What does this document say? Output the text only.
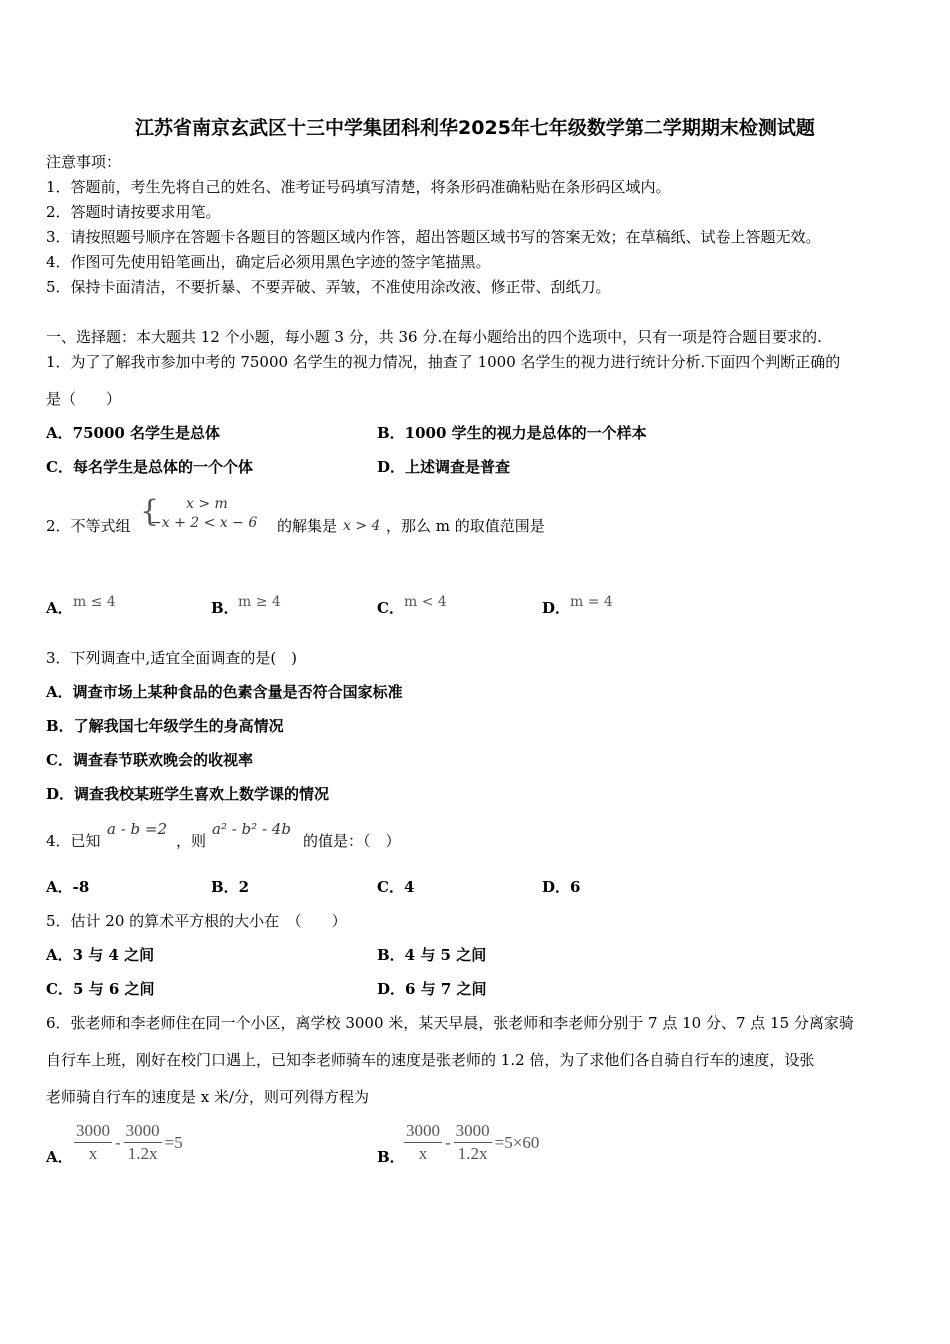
江苏省南京玄武区十三中学集团科利华2025年七年级数学第二学期期末检测试题
注意事项：
1．答题前，考生先将自己的姓名、准考证号码填写清楚，将条形码准确粘贴在条形码区域内。
2．答题时请按要求用笔。
3．请按照题号顺序在答题卡各题目的答题区域内作答，超出答题区域书写的答案无效；在草稿纸、试卷上答题无效。
4．作图可先使用铅笔画出，确定后必须用黑色字迹的签字笔描黑。
5．保持卡面清洁，不要折暴、不要弄破、弄皱，不准使用涂改液、修正带、刮纸刀。
一、选择题：本大题共 12 个小题，每小题 3 分，共 36 分.在每小题给出的四个选项中，只有一项是符合题目要求的.
1．为了了解我市参加中考的 75000 名学生的视力情况，抽查了 1000 名学生的视力进行统计分析.下面四个判断正确的
是（　　）
A．75000 名学生是总体	B．1000 学生的视力是总体的一个样本
C．每名学生是总体的一个个体	D．上述调查是普查
2．不等式组 { x > m
−x + 2 < x − 6 的解集是 x > 4 ，那么 m 的取值范围是
A． m ≤ 4	B． m ≥ 4	C． m < 4	D． m = 4
3．下列调查中,适宜全面调查的是(　)
A．调查市场上某种食品的色素含量是否符合国家标准
B．了解我国七年级学生的身高情况
C．调查春节联欢晚会的收视率
D．调查我校某班学生喜欢上数学课的情况
4．已知
a - b =2
，则
a² - b² - 4b
的值是：（　）
A．-8	B．2	C．4	D．6
5．估计 20 的算术平方根的大小在　（　　）
A．3 与 4 之间	B．4 与 5 之间
C．5 与 6 之间	D．6 与 7 之间
6．张老师和李老师住在同一个小区，离学校 3000 米，某天早晨，张老师和李老师分别于 7 点 10 分、7 点 15 分离家骑
自行车上班，刚好在校门口遇上，已知李老师骑车的速度是张老师的 1.2 倍，为了求他们各自骑自行车的速度，设张
老师骑自行车的速度是 x 米/分，则可列得方程为
A． $\frac{3000}{x} - \frac{3000}{1.2x} =5$
B． $\frac{3000}{x} - \frac{3000}{1.2x} =5\times 60$
